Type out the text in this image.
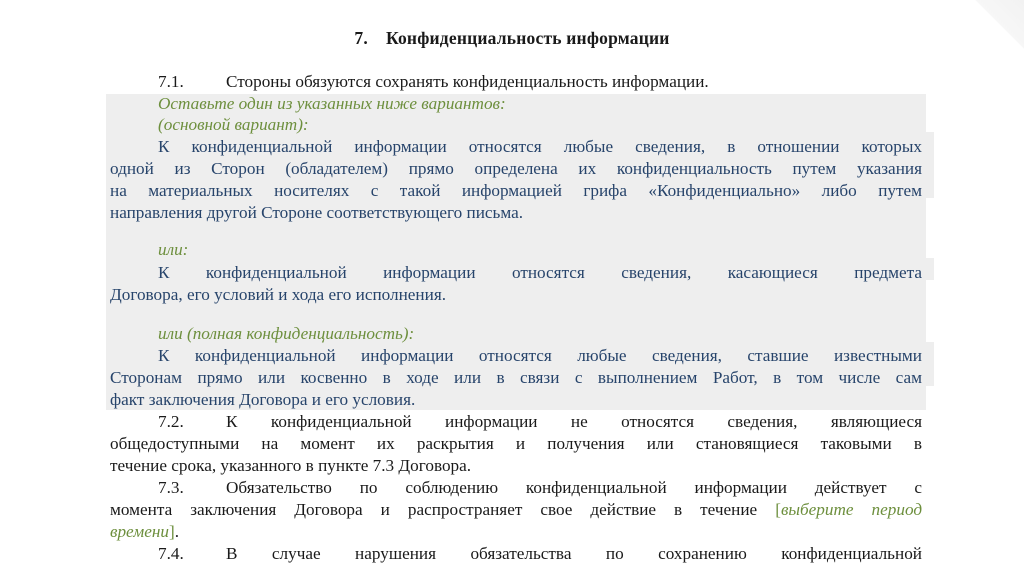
7. Конфиденциальность информации
7.1. Стороны обязуются сохранять конфиденциальность информации.
Оставьте один из указанных ниже вариантов:
(основной вариант):
К конфиденциальной информации относятся любые сведения, в отношении которых
одной из Сторон (обладателем) прямо определена их конфиденциальность путем указания
на материальных носителях с такой информацией грифа «Конфиденциально» либо путем
направления другой Стороне соответствующего письма.
или:
К конфиденциальной информации относятся сведения, касающиеся предмета
Договора, его условий и хода его исполнения.
или (полная конфиденциальность):
К конфиденциальной информации относятся любые сведения, ставшие известными
Сторонам прямо или косвенно в ходе или в связи с выполнением Работ, в том числе сам
факт заключения Договора и его условия.
7.2. К конфиденциальной информации не относятся сведения, являющиеся
общедоступными на момент их раскрытия и получения или становящиеся таковыми в
течение срока, указанного в пункте 7.3 Договора.
7.3. Обязательство по соблюдению конфиденциальной информации действует с
момента заключения Договора и распространяет свое действие в течение [выберите период
времени].
7.4. В случае нарушения обязательства по сохранению конфиденциальной
